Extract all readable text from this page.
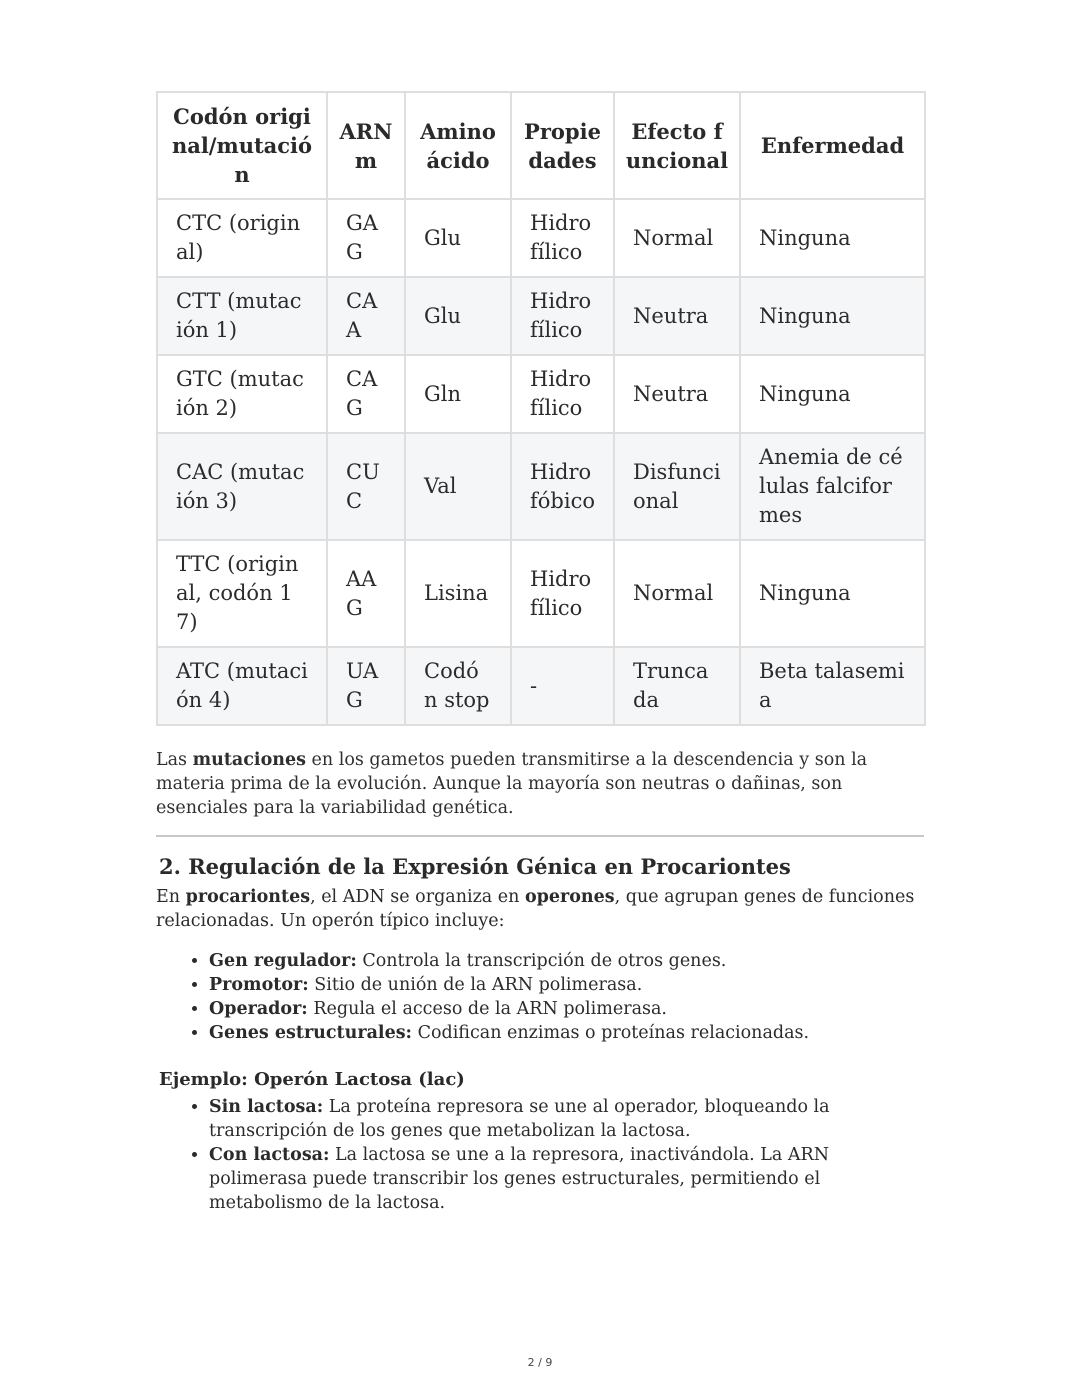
Codón original/mutación	ARNm	Aminoácido	Propiedades	Efecto funcional	Enfermedad
CTC (original)	GAG	Glu	Hidrofílico	Normal	Ninguna
CTT (mutación 1)	CAA	Glu	Hidrofílico	Neutra	Ninguna
GTC (mutación 2)	CAG	Gln	Hidrofílico	Neutra	Ninguna
CAC (mutación 3)	CUC	Val	Hidrofóbico	Disfuncional	Anemia de células falciformes
TTC (original, codón 17)	AAG	Lisina	Hidrofílico	Normal	Ninguna
ATC (mutación 4)	UAG	Codón stop	-	Truncada	Beta talasemia

Las mutaciones en los gametos pueden transmitirse a la descendencia y son la materia prima de la evolución. Aunque la mayoría son neutras o dañinas, son esenciales para la variabilidad genética.

2. Regulación de la Expresión Génica en Procariontes

En procariontes, el ADN se organiza en operones, que agrupan genes de funciones relacionadas. Un operón típico incluye:

• Gen regulador: Controla la transcripción de otros genes.
• Promotor: Sitio de unión de la ARN polimerasa.
• Operador: Regula el acceso de la ARN polimerasa.
• Genes estructurales: Codifican enzimas o proteínas relacionadas.
Ejemplo: Operón Lactosa (lac)
• Sin lactosa: La proteína represora se une al operador, bloqueando la transcripción de los genes que metabolizan la lactosa.
• Con lactosa: La lactosa se une a la represora, inactivándola. La ARN polimerasa puede transcribir los genes estructurales, permitiendo el metabolismo de la lactosa.
2 / 9
